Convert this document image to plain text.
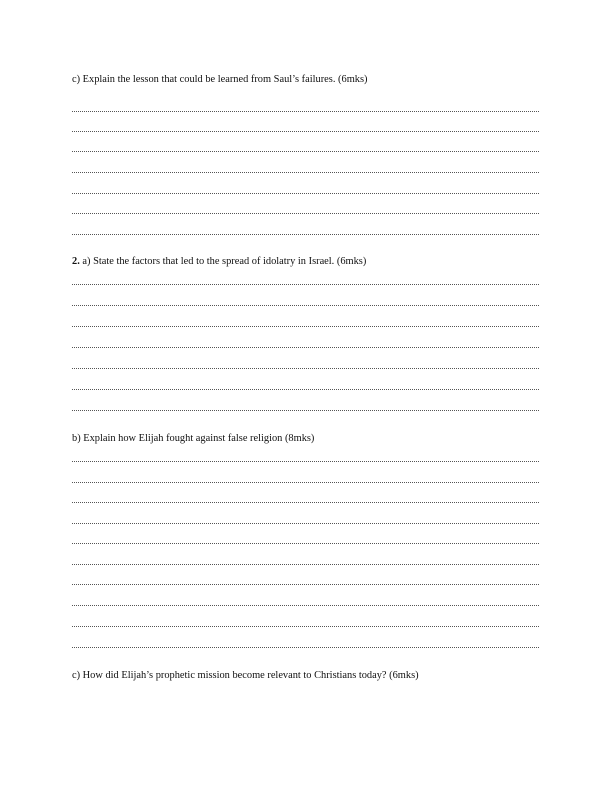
c) Explain the lesson that could be learned from Saul’s failures. (6mks)

2. a) State the factors that led to the spread of idolatry in Israel. (6mks)

b) Explain how Elijah fought against false religion (8mks)

c) How did Elijah’s prophetic mission become relevant to Christians today? (6mks)
